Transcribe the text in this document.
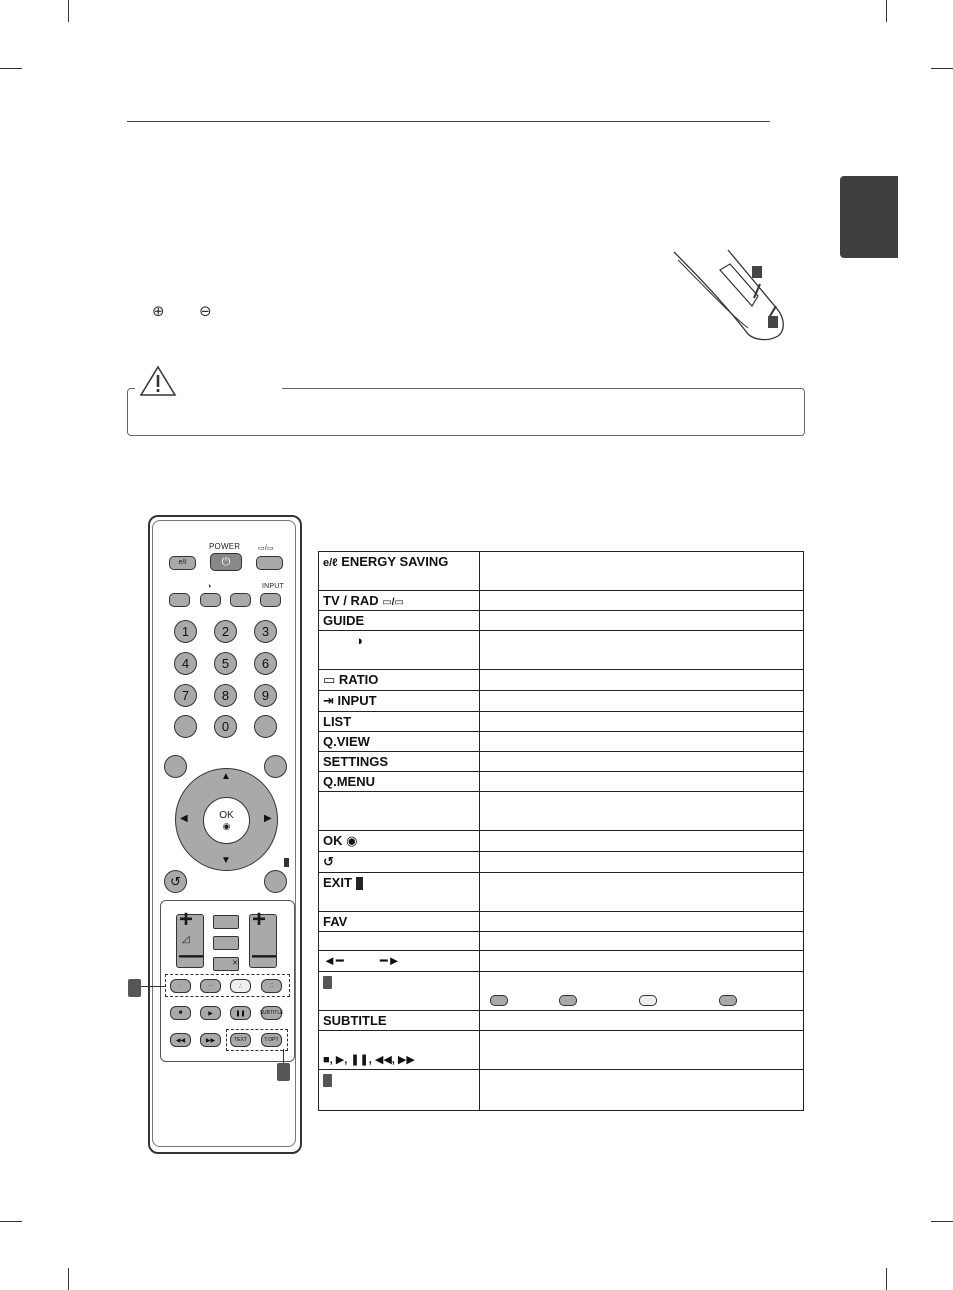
⊕ ⊖
e/ℓ
POWER
⏻
▭/▭
◑	INPUT
1	2	3
4	5	6
7	8	9
0
▲
▼
◀	▶
OK
◉
↺
+
◿
—	✕
+
—
·	··	∴	::
■	▶	❚❚	SUBTITLE
◀◀	▶▶	TEXT	T.OPT
e/ℓ ENERGY SAVING	
TV / RAD ▭/▭	
GUIDE	
◑	
▭ RATIO	
⇥ INPUT	
LIST	
Q.VIEW	
SETTINGS	
Q.MENU	

OK ◉	
↺	
EXIT	
FAV	

◄━ ━►	

SUBTITLE	

■, ▶, ❚❚, ◀◀, ▶▶	
